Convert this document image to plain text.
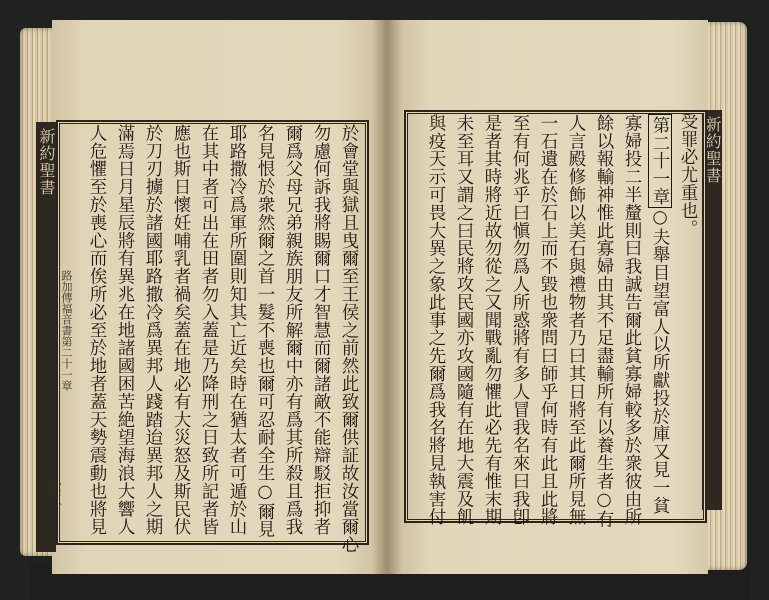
新約聖書
路加傳福音書第二十一章
七三	於會堂與獄且曳爾至王侯之前然此致爾供証故汝當爾心
勿慮何訴我將賜爾口才智慧而爾諸敵不能辯駁拒抑者
爾爲父母兄弟親族朋友所解爾中亦有爲其所殺且爲我
名見恨於衆然爾之首一髮不喪也爾可忍耐全生○爾見
耶路撒冷爲軍所圍則知其亡近矣時在猶太者可遁於山
在其中者可出在田者勿入蓋是乃降刑之日致所記者皆
應也斯日懷妊哺乳者禍矣蓋在地必有大災怒及斯民伏
於刀刃擄於諸國耶路撒冷爲異邦人踐踏迨異邦人之期
滿焉日月星辰將有異兆在地諸國困苦絶望海浪大響人
人危懼至於喪心而俟所必至於地者蓋天勢震動也將見	新約聖書
受罪必尤重也。
第二十一章○夫舉目望富人以所獻投於庫又見一貧
寡婦投二半釐則曰我誠告爾此貧寡婦較多於衆彼由所
餘以報輸神惟此寡婦由其不足盡輸所有以養生者○有
人言殿修飾以美石與禮物者乃曰其日將至此爾所見無
一石遺在於石上而不毀也衆問曰師乎何時有此且此將
至有何兆乎曰愼勿爲人所惑將有多人冒我名來曰我卽
是者其時將近故勿從之又聞戰亂勿懼此必先有惟末期
未至耳又謂之曰民將攻民國亦攻國隨有在地大震及飢
與疫天示可畏大異之象此事之先爾爲我名將見執害付
